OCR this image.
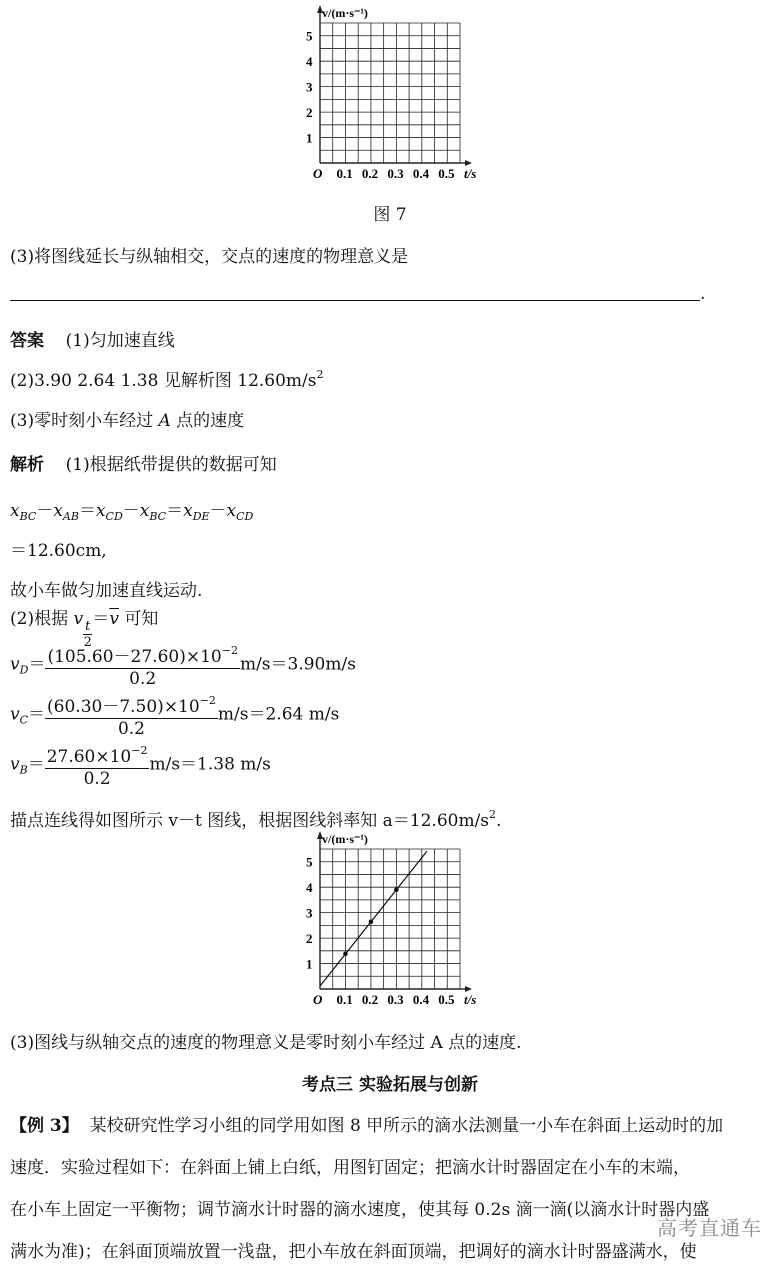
v/(m·s⁻¹)
t/s
O
1
2
3
4
5
0.1 0.2 0.3 0.4 0.5
图 7
(3)将图线延长与纵轴相交，交点的速度的物理意义是
.
答案 (1)匀加速直线
(2)3.90 2.64 1.38 见解析图 $12.60m/s^2$
(3)零时刻小车经过 A 点的速度
解析 (1)根据纸带提供的数据可知
$x_{BC}-x_{AB}=x_{CD}-x_{BC}=x_{DE}-x_{CD}$
＝12.60cm,
故小车做匀加速直线运动.
(2)根据 v $\frac{t}{2} =\overline{v}$ 可知
$v_D= \frac{(105.60-27.60)\times 10^{-2}}{0.2} m/s=3.90m/s$
$v_C= \frac{(60.30-7.50)\times 10^{-2}}{0.2} m/s=2.64$ m/s
$v_B= \frac{27.60\times 10^{-2}}{0.2} m/s=1.38$ m/s
描点连线得如图所示 v－t 图线，根据图线斜率知 $a=12.60m/s^2$.
v/(m·s⁻¹)
t/s
O
1
2
3
4
5
0.1 0.2 0.3 0.4 0.5
(3)图线与纵轴交点的速度的物理意义是零时刻小车经过 A 点的速度.
考点三 实验拓展与创新
【例 3】 某校研究性学习小组的同学用如图 8 甲所示的滴水法测量一小车在斜面上运动时的加
速度．实验过程如下：在斜面上铺上白纸，用图钉固定；把滴水计时器固定在小车的末端，
在小车上固定一平衡物；调节滴水计时器的滴水速度，使其每 0.2s 滴一滴(以滴水计时器内盛
满水为准)；在斜面顶端放置一浅盘，把小车放在斜面顶端，把调好的滴水计时器盛满水，使
高考直通车
